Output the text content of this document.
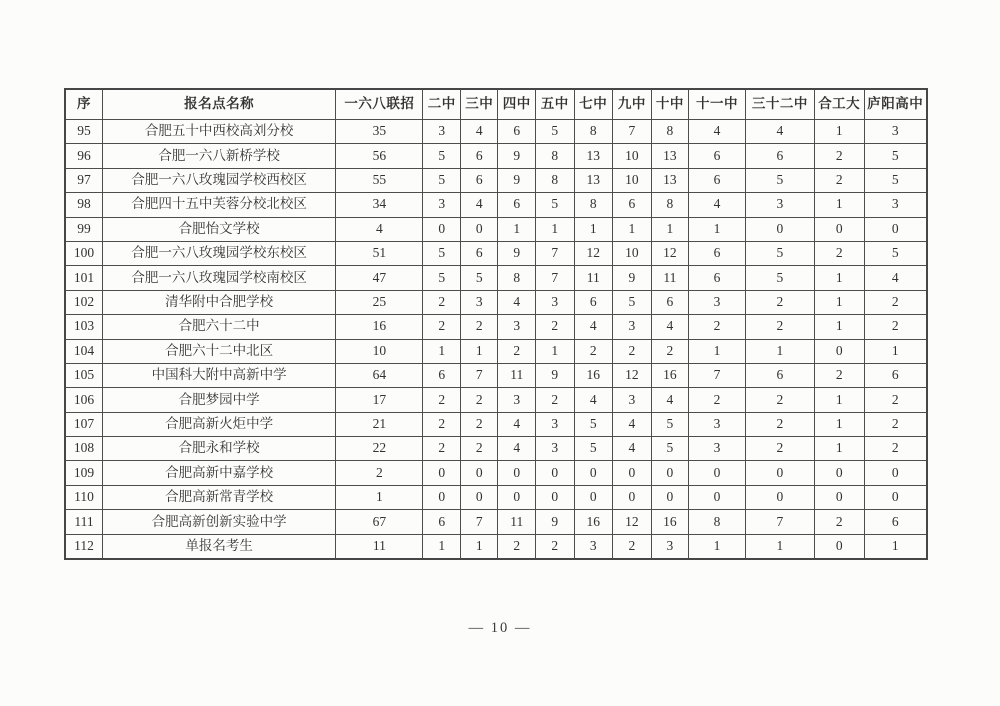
序	报名点名称	一六八联招	二中	三中	四中	五中	七中	九中	十中	十一中	三十二中	合工大	庐阳高中
95	合肥五十中西校高刘分校	35	3	4	6	5	8	7	8	4	4	1	3
96	合肥一六八新桥学校	56	5	6	9	8	13	10	13	6	6	2	5
97	合肥一六八玫瑰园学校西校区	55	5	6	9	8	13	10	13	6	5	2	5
98	合肥四十五中芙蓉分校北校区	34	3	4	6	5	8	6	8	4	3	1	3
99	合肥怡文学校	4	0	0	1	1	1	1	1	1	0	0	0
100	合肥一六八玫瑰园学校东校区	51	5	6	9	7	12	10	12	6	5	2	5
101	合肥一六八玫瑰园学校南校区	47	5	5	8	7	11	9	11	6	5	1	4
102	清华附中合肥学校	25	2	3	4	3	6	5	6	3	2	1	2
103	合肥六十二中	16	2	2	3	2	4	3	4	2	2	1	2
104	合肥六十二中北区	10	1	1	2	1	2	2	2	1	1	0	1
105	中国科大附中高新中学	64	6	7	11	9	16	12	16	7	6	2	6
106	合肥梦园中学	17	2	2	3	2	4	3	4	2	2	1	2
107	合肥高新火炬中学	21	2	2	4	3	5	4	5	3	2	1	2
108	合肥永和学校	22	2	2	4	3	5	4	5	3	2	1	2
109	合肥高新中嘉学校	2	0	0	0	0	0	0	0	0	0	0	0
110	合肥高新常青学校	1	0	0	0	0	0	0	0	0	0	0	0
111	合肥高新创新实验中学	67	6	7	11	9	16	12	16	8	7	2	6
112	单报名考生	11	1	1	2	2	3	2	3	1	1	0	1
— 10 —
